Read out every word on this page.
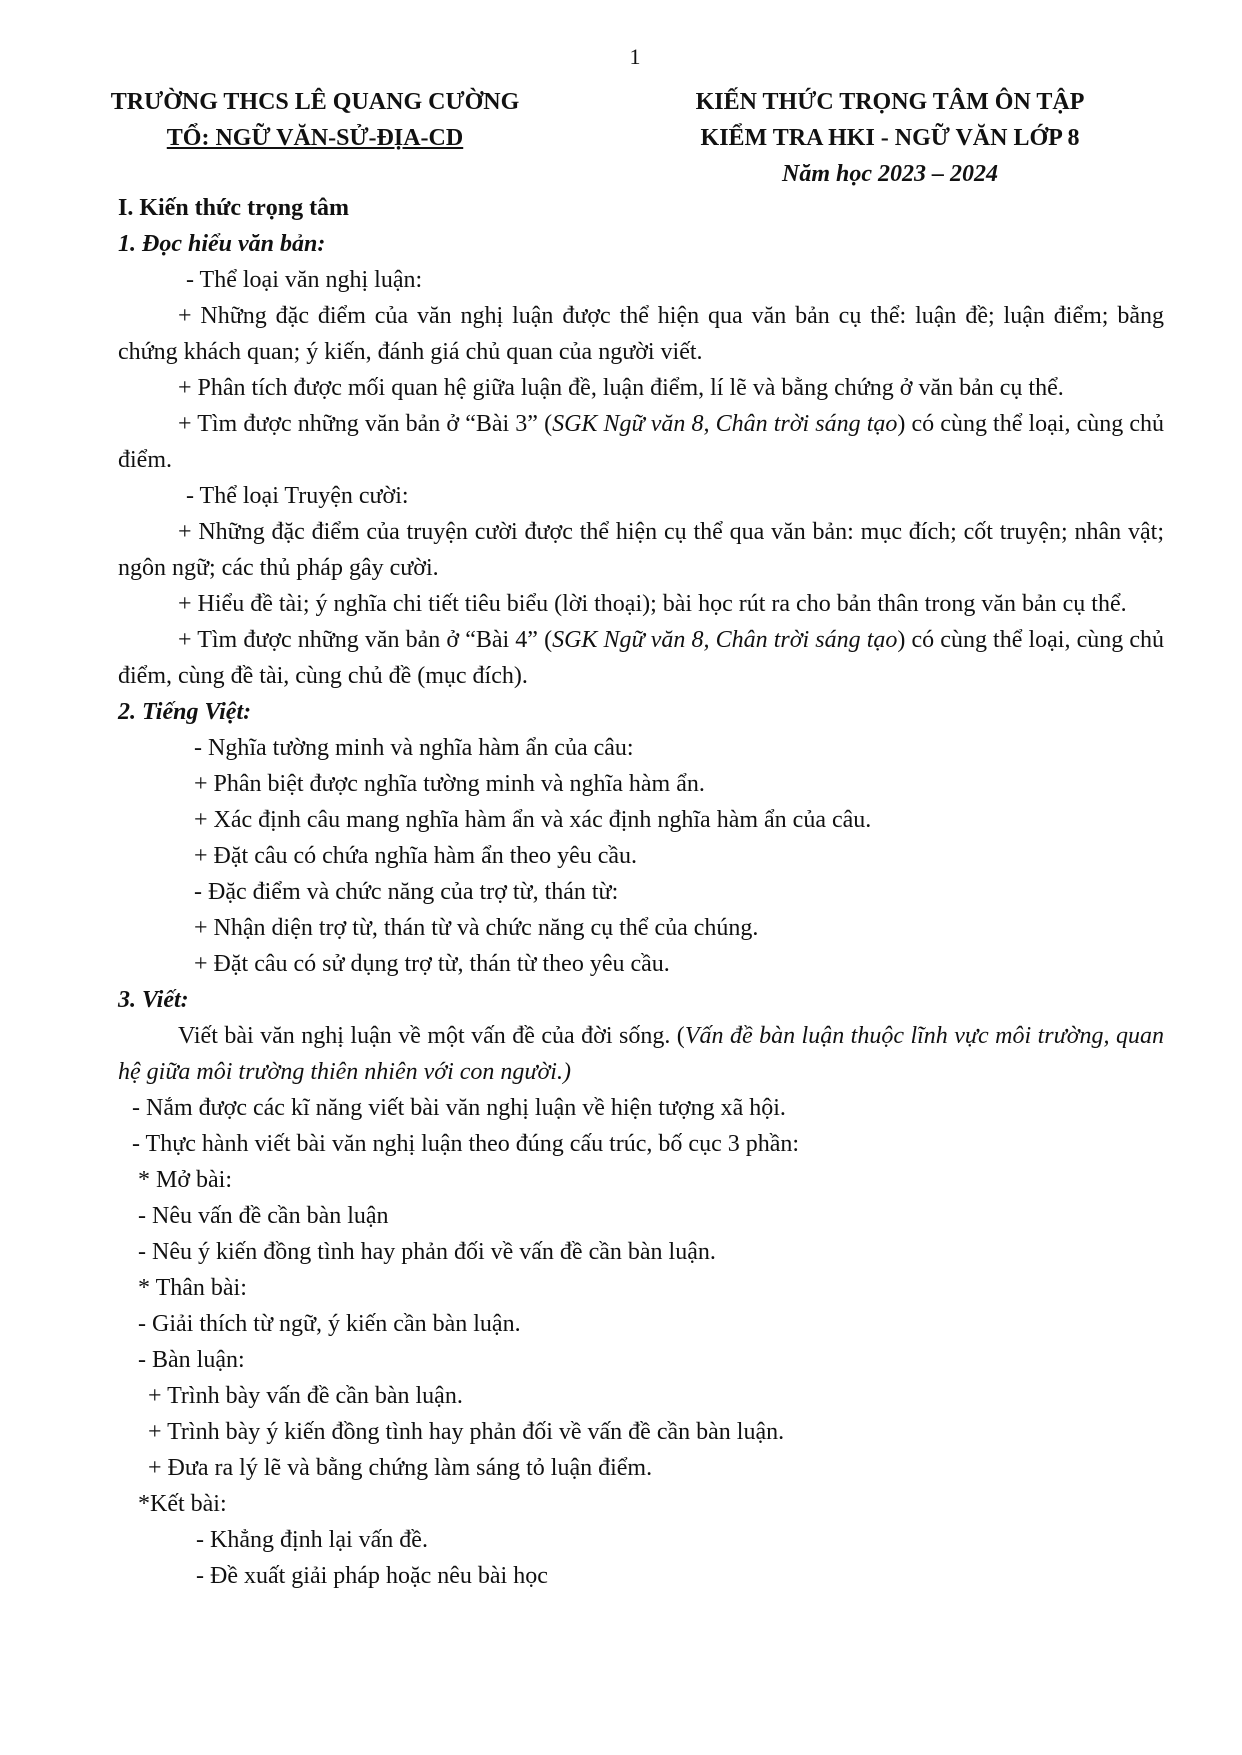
1
TRƯỜNG THCS LÊ QUANG CƯỜNG
TỔ: NGỮ VĂN-SỬ-ĐỊA-CD
KIẾN THỨC TRỌNG TÂM ÔN TẬP
KIỂM TRA HKI - NGỮ VĂN LỚP 8
Năm học 2023 – 2024

I. Kiến thức trọng tâm

1. Đọc hiểu văn bản:

- Thể loại văn nghị luận:

+ Những đặc điểm của văn nghị luận được thể hiện qua văn bản cụ thể: luận đề; luận điểm; bằng chứng khách quan; ý kiến, đánh giá chủ quan của người viết.

+ Phân tích được mối quan hệ giữa luận đề, luận điểm, lí lẽ và bằng chứng ở văn bản cụ thể.

+ Tìm được những văn bản ở “Bài 3” (SGK Ngữ văn 8, Chân trời sáng tạo) có cùng thể loại, cùng chủ điểm.

- Thể loại Truyện cười:

+ Những đặc điểm của truyện cười được thể hiện cụ thể qua văn bản: mục đích; cốt truyện; nhân vật; ngôn ngữ; các thủ pháp gây cười.

+ Hiểu đề tài; ý nghĩa chi tiết tiêu biểu (lời thoại); bài học rút ra cho bản thân trong văn bản cụ thể.

+ Tìm được những văn bản ở “Bài 4” (SGK Ngữ văn 8, Chân trời sáng tạo) có cùng thể loại, cùng chủ điểm, cùng đề tài, cùng chủ đề (mục đích).

2. Tiếng Việt:

- Nghĩa tường minh và nghĩa hàm ẩn của câu:

+ Phân biệt được nghĩa tường minh và nghĩa hàm ẩn.

+ Xác định câu mang nghĩa hàm ẩn và xác định nghĩa hàm ẩn của câu.

+ Đặt câu có chứa nghĩa hàm ẩn theo yêu cầu.

- Đặc điểm và chức năng của trợ từ, thán từ:

+ Nhận diện trợ từ, thán từ và chức năng cụ thể của chúng.

+ Đặt câu có sử dụng trợ từ, thán từ theo yêu cầu.

3. Viết:

Viết bài văn nghị luận về một vấn đề của đời sống. (Vấn đề bàn luận thuộc lĩnh vực môi trường, quan hệ giữa môi trường thiên nhiên với con người.)

- Nắm được các kĩ năng viết bài văn nghị luận về hiện tượng xã hội.

- Thực hành viết bài văn nghị luận theo đúng cấu trúc, bố cục 3 phần:

* Mở bài:

- Nêu vấn đề cần bàn luận

- Nêu ý kiến đồng tình hay phản đối về vấn đề cần bàn luận.

* Thân bài:

- Giải thích từ ngữ, ý kiến cần bàn luận.

- Bàn luận:

+ Trình bày vấn đề cần bàn luận.

+ Trình bày ý kiến đồng tình hay phản đối về vấn đề cần bàn luận.

+ Đưa ra lý lẽ và bằng chứng làm sáng tỏ luận điểm.

*Kết bài:

- Khẳng định lại vấn đề.

- Đề xuất giải pháp hoặc nêu bài học
